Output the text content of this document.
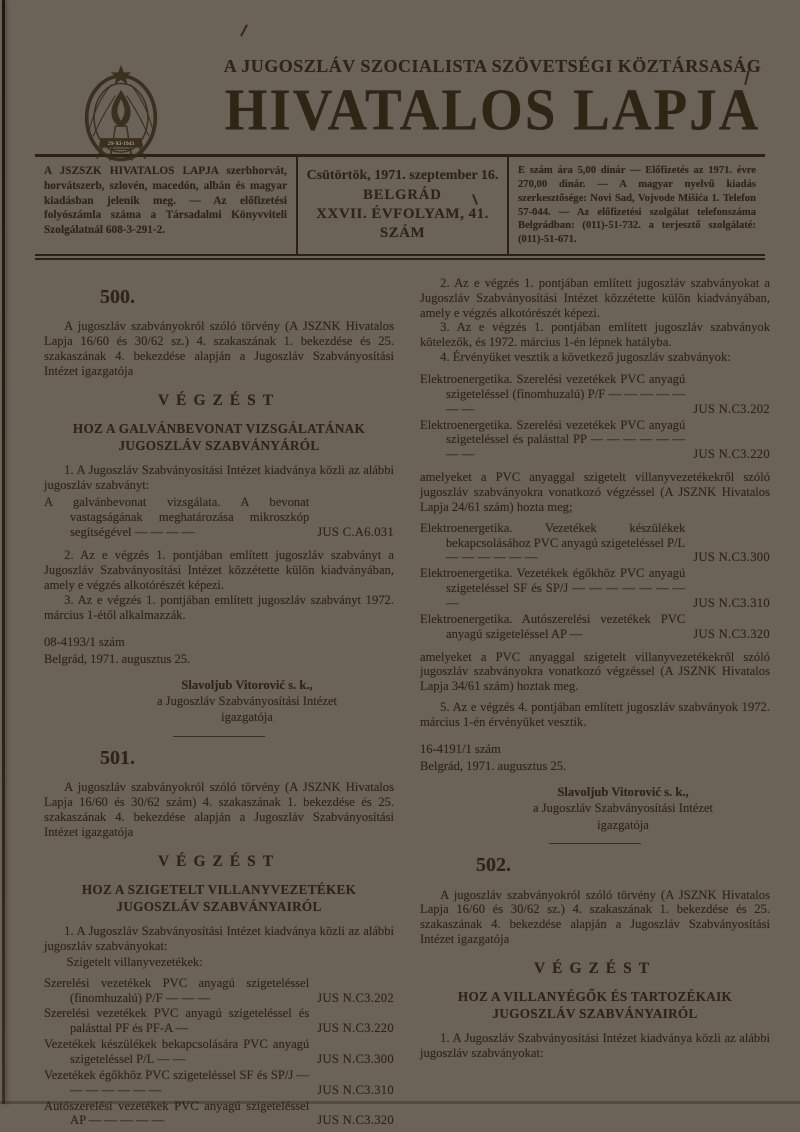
29-XI-1943
A JUGOSZLÁV SZOCIALISTA SZÖVETSÉGI KÖZTÁRSASÁG
HIVATALOS LAPJA
A JSZSZK HIVATALOS LAPJA szerbhorvát, horvátszerb, szlovén, macedón, albán és magyar kiadásban jelenik meg. — Az előfizetési folyószámla száma a Társadalmi Könyvviteli Szolgálatnál 608-3-291-2.
Csütörtök, 1971. szeptember 16.
BELGRÁD
XXVII. ÉVFOLYAM, 41. SZÁM
E szám ára 5,00 dinár — Előfizetés az 1971. évre 270,00 dinár. — A magyar nyelvű kiadás szerkesztősége: Novi Sad, Vojvode Mišića 1. Telefon 57-044. — Az előfizetési szolgálat telefonszáma Belgrádban: (011)-51-732. a terjesztő szolgálaté: (011)-51-671.
500.

A jugoszláv szabványokról szóló törvény (A JSZNK Hivatalos Lapja 16/60 és 30/62 sz.) 4. szakaszának 1. bekezdése és 25. szakaszának 4. bekezdése alapján a Jugoszláv Szabványosítási Intézet igazgatója

VÉGZÉST
HOZ A GALVÁNBEVONAT VIZSGÁLATÁNAK JUGOSZLÁV SZABVÁNYÁRÓL

1. A Jugoszláv Szabványosítási Intézet kiadványa közli az alábbi jugoszláv szabványt:

A galvánbevonat vizsgálata. A bevonat vastagságának meghatározása mikroszkóp segítségével — — — —	JUS C.A6.031

2. Az e végzés 1. pontjában említett jugoszláv szabványt a Jugoszláv Szabványosítási Intézet közzétette külön kiadványában, amely e végzés alkotórészét képezi.

3. Az e végzés 1. pontjában említett jugoszláv szabványt 1972. március 1-étől alkalmazzák.

08-4193/1 szám
Belgrád, 1971. augusztus 25.
Slavoljub Vitorović s. k.,
a Jugoszláv Szabványosítási Intézet
igazgatója
501.

A jugoszláv szabványokról szóló törvény (A JSZNK Hivatalos Lapja 16/60 és 30/62 szám) 4. szakaszának 1. bekezdése és 25. szakaszának 4. bekezdése alapján a Jugoszláv Szabványosítási Intézet igazgatója

VÉGZÉST
HOZ A SZIGETELT VILLANYVEZETÉKEK JUGOSZLÁV SZABVÁNYAIRÓL

1. A Jugoszláv Szabványosítási Intézet kiadványa közli az alábbi jugoszláv szabványokat:

Szigetelt villanyvezetékek:
Szerelési vezetékek PVC anyagú szigeteléssel (finomhuzalú) P/F — — —	JUS N.C3.202
Szerelési vezetékek PVC anyagú szigeteléssel és palásttal PF és PF-A —	JUS N.C3.220
Vezetékek készülékek bekapcsolására PVC anyagú szigeteléssel P/L — —	JUS N.C3.300
Vezetékek égőkhöz PVC szigeteléssel SF és SP/J — — — — — — —	JUS N.C3.310
Autószerelési vezetékek PVC anyagú szigeteléssel AP — — — — —	JUS N.C3.320

2. Az e végzés 1. pontjában említett jugoszláv szabványokat a Jugoszláv Szabványosítási Intézet közzétette külön kiadványában, amely e végzés alkotórészét képezi.

3. Az e végzés 1. pontjában említett jugoszláv szabványok kötelezők, és 1972. március 1-én lépnek hatályba.

4. Érvényüket vesztik a következő jugoszláv szabványok:

Elektroenergetika. Szerelési vezetékek PVC anyagú szigeteléssel (finomhuzalú) P/F — — — — — — —	JUS N.C3.202
Elektroenergetika. Szerelési vezetékek PVC anyagú szigeteléssel és palásttal PP — — — — — — — —	JUS N.C3.220

amelyeket a PVC anyaggal szigetelt villanyvezetékekről szóló jugoszláv szabványokra vonatkozó végzéssel (A JSZNK Hivatalos Lapja 24/61 szám) hozta meg;

Elektroenergetika. Vezetékek készülékek bekapcsolásához PVC anyagú szigeteléssel P/L — — — — — —	JUS N.C3.300
Elektroenergetika. Vezetékek égőkhöz PVC anyagú szigeteléssel SF és SP/J — — — — — — — —	JUS N.C3.310
Elektroenergetika. Autószerelési vezetékek PVC anyagú szigeteléssel AP —	JUS N.C3.320

amelyeket a PVC anyaggal szigetelt villanyvezetékekről szóló jugoszláv szabványokra vonatkozó végzéssel (A JSZNK Hivatalos Lapja 34/61 szám) hoztak meg.

5. Az e végzés 4. pontjában említett jugoszláv szabványok 1972. március 1-én érvényüket vesztik.

16-4191/1 szám
Belgrád, 1971. augusztus 25.
Slavoljub Vitorović s. k.,
a Jugoszláv Szabványosítási Intézet
igazgatója
502.

A jugoszláv szabványokról szóló törvény (A JSZNK Hivatalos Lapja 16/60 és 30/62 sz.) 4. szakaszának 1. bekezdése és 25. szakaszának 4. bekezdése alapján a Jugoszláv Szabványosítási Intézet igazgatója

VÉGZÉST
HOZ A VILLANYÉGŐK ÉS TARTOZÉKAIK JUGOSZLÁV SZABVÁNYAIRÓL

1. A Jugoszláv Szabványosítási Intézet kiadványa közli az alábbi jugoszláv szabványokat:
